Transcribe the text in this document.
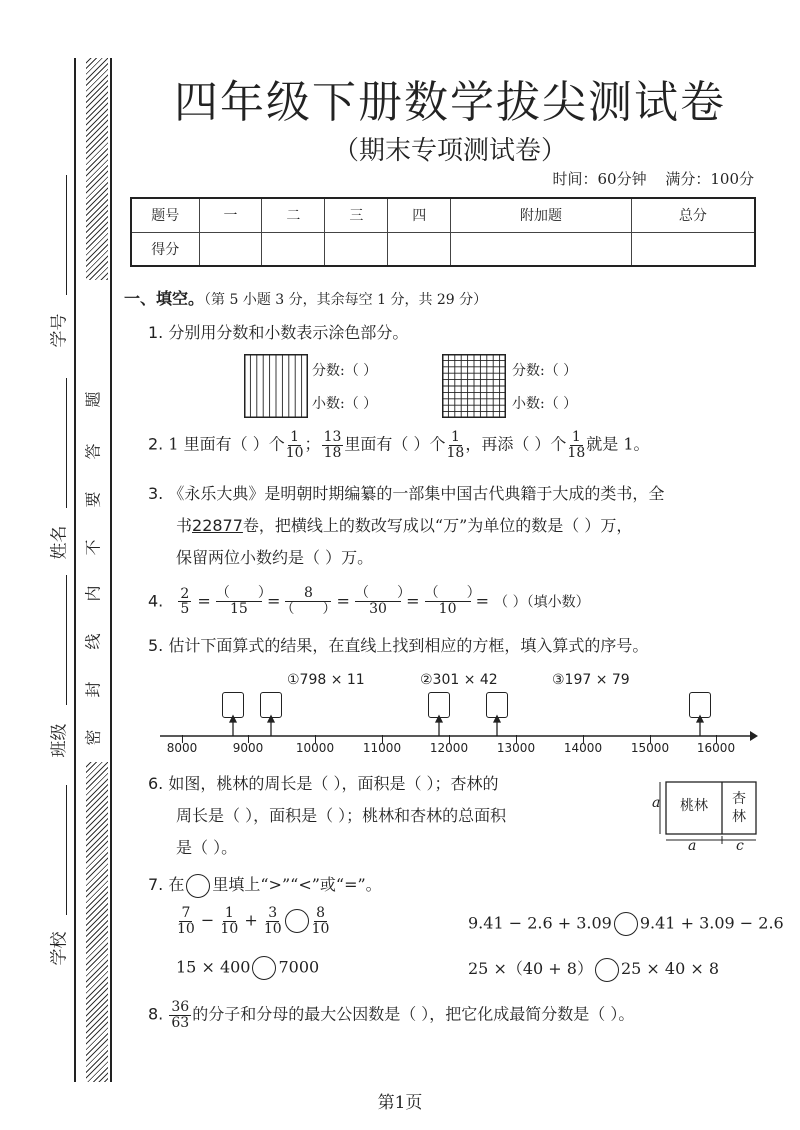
学号
姓名
班级
学校
题
答
要
不
内
线
封
密
四年级下册数学拔尖测试卷
（期末专项测试卷）
时间：60分钟 满分：100分
题号	一	二	三	四	附加题	总分
得分						
一、填空。（第 5 小题 3 分，其余每空 1 分，共 29 分）
1. 分别用分数和小数表示涂色部分。
分数:（ ）
小数:（ ）
分数:（ ）
小数:（ ）
2. 1 里面有（ ）个 $\frac{1}{10}$ ； $\frac{13}{18}$ 里面有（ ）个 $\frac{1}{18}$ ，再添（ ）个 $\frac{1}{18}$ 就是 1。
3. 《永乐大典》是明朝时期编纂的一部集中国古代典籍于大成的类书，全
书22877卷，把横线上的数改写成以“万”为单位的数是（ ）万，
保留两位小数约是（ ）万。
4. $\frac{2}{5} = \frac{( )}{15} = \frac{8}{( )} = \frac{( )}{30} = \frac{( )}{10}$ = （ ）（填小数）
5. 估计下面算式的结果，在直线上找到相应的方框，填入算式的序号。
①798 × 11	②301 × 42	③197 × 79
8000	9000	10000 11000 12000 13000 14000 15000 16000
6. 如图，桃林的周长是（ ），面积是（ ）；杏林的
周长是（ ），面积是（ ）；桃林和杏林的总面积
是（ ）。
a 桃林 杏
林
a	c
7. 在 里填上“>”“<”或“=”。
$\frac{7}{10} - \frac{1}{10} + \frac{3}{10} \frac{8}{10}$	9.41 − 2.6 + 3.09 9.41 + 3.09 − 2.6
15 × 400 7000	25 ×（40 + 8） 25 × 40 × 8
8. $\frac{36}{63}$ 的分子和分母的最大公因数是（ ），把它化成最简分数是（ ）。
第1页
